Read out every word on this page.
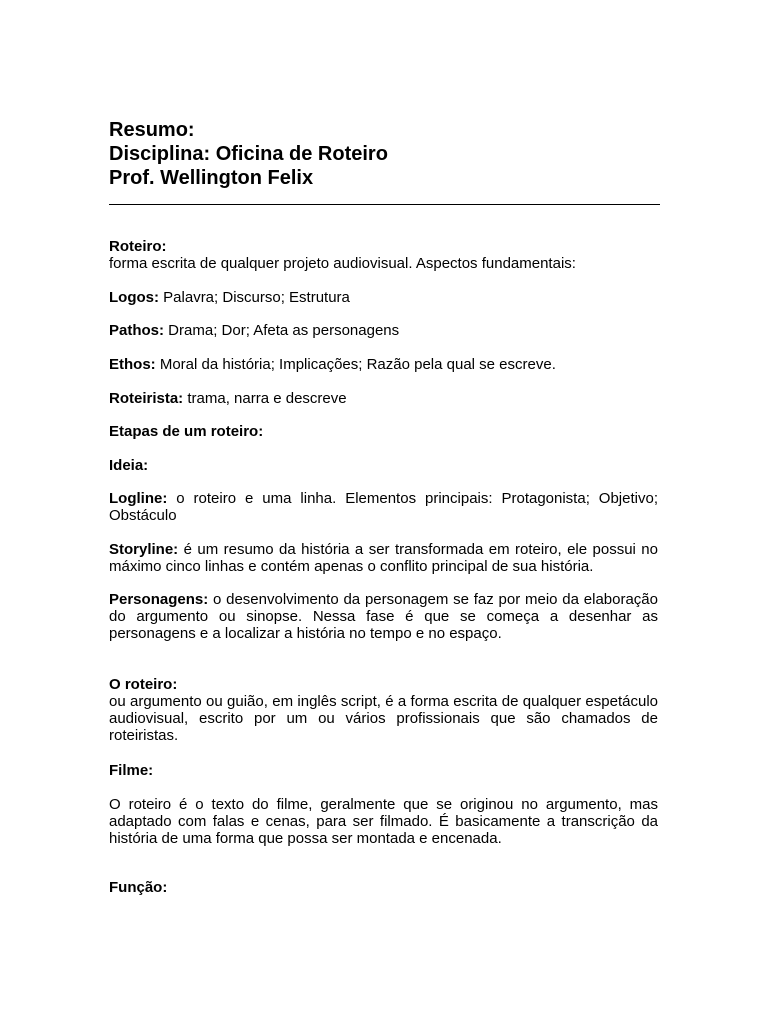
Resumo:
Disciplina: Oficina de Roteiro
Prof. Wellington Felix
Roteiro:
forma escrita de qualquer projeto audiovisual. Aspectos fundamentais:
Logos: Palavra; Discurso; Estrutura
Pathos: Drama; Dor; Afeta as personagens
Ethos: Moral da história; Implicações; Razão pela qual se escreve.
Roteirista: trama, narra e descreve
Etapas de um roteiro:
Ideia:
Logline: o roteiro e uma linha. Elementos principais: Protagonista; Objetivo; Obstáculo
Storyline: é um resumo da história a ser transformada em roteiro, ele possui no máximo cinco linhas e contém apenas o conflito principal de sua história.
Personagens: o desenvolvimento da personagem se faz por meio da elaboração do argumento ou sinopse. Nessa fase é que se começa a desenhar as personagens e a localizar a história no tempo e no espaço.
O roteiro:
ou argumento ou guião, em inglês script, é a forma escrita de qualquer espetáculo audiovisual, escrito por um ou vários profissionais que são chamados de roteiristas.
Filme:
O roteiro é o texto do filme, geralmente que se originou no argumento, mas adaptado com falas e cenas, para ser filmado. É basicamente a transcrição da história de uma forma que possa ser montada e encenada.
Função:
